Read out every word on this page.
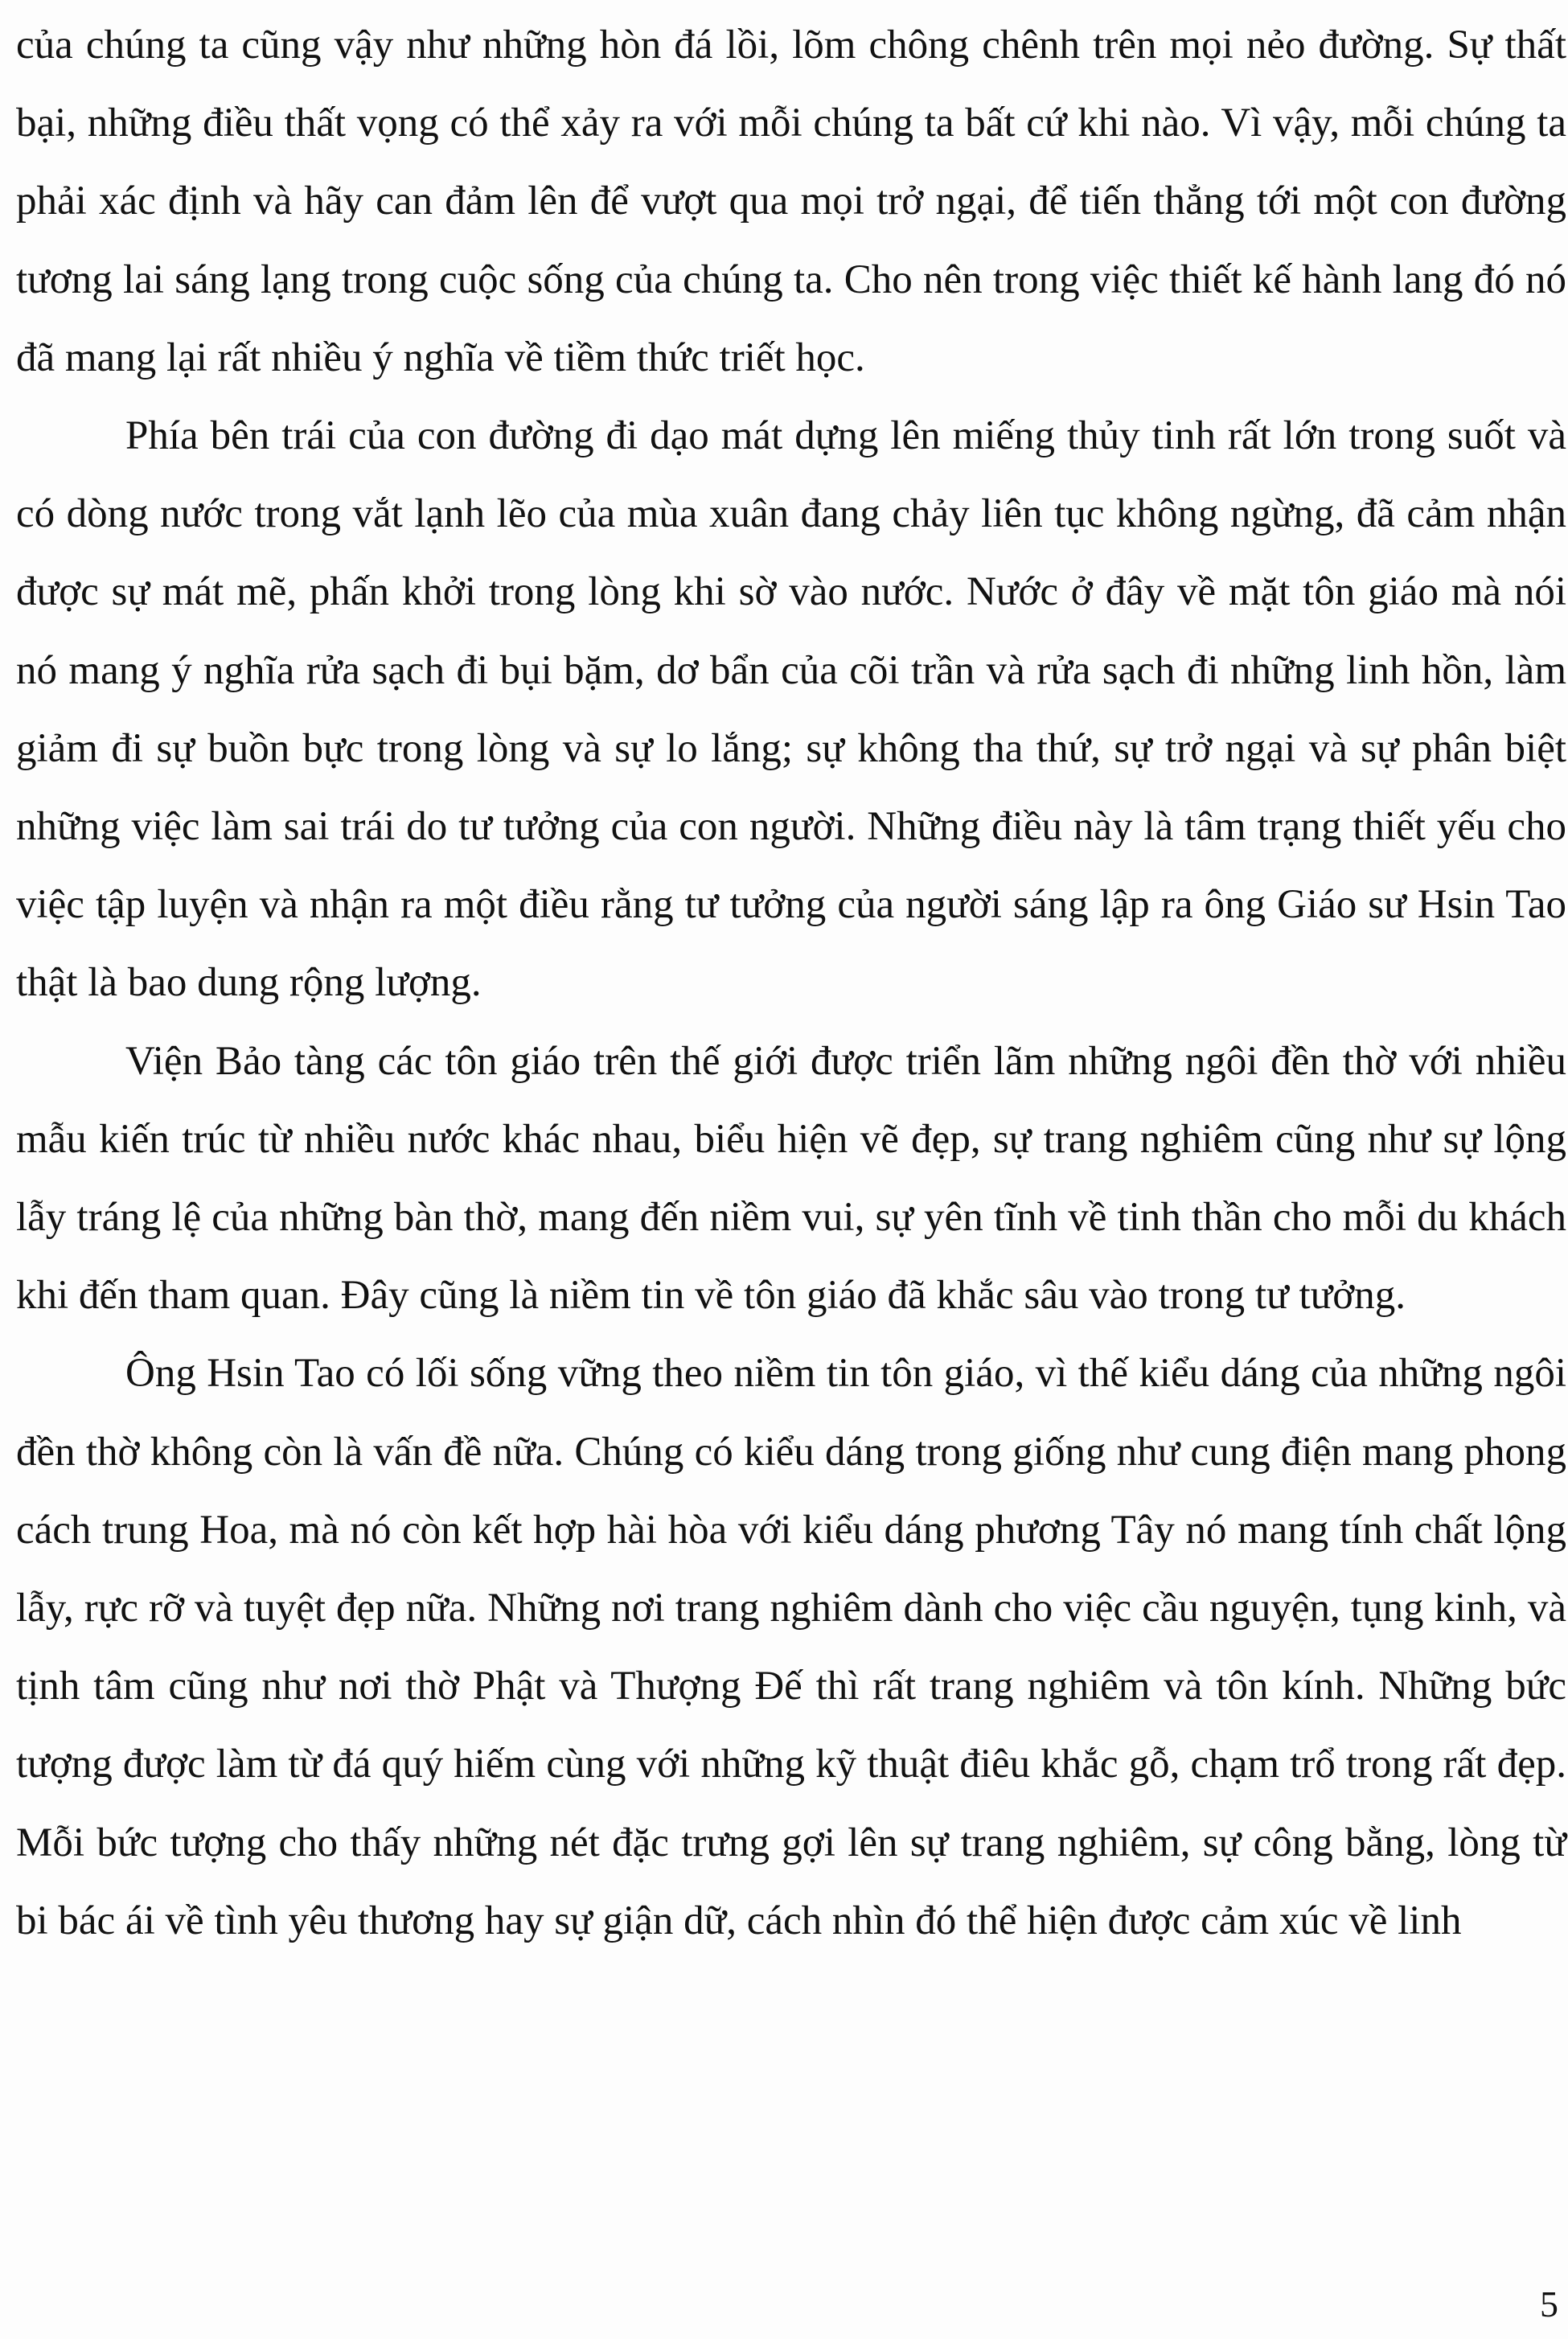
của chúng ta cũng vậy như những hòn đá lồi, lõm chông chênh trên mọi nẻo đường. Sự thất bại, những điều thất vọng có thể xảy ra với mỗi chúng ta bất cứ khi nào. Vì vậy, mỗi chúng ta phải xác định và hãy can đảm lên để vượt qua mọi trở ngại, để tiến thẳng tới một con đường tương lai sáng lạng trong cuộc sống của chúng ta. Cho nên trong việc thiết kế hành lang đó nó đã mang lại rất nhiều ý nghĩa về tiềm thức triết học.

Phía bên trái của con đường đi dạo mát dựng lên miếng thủy tinh rất lớn trong suốt và có dòng nước trong vắt lạnh lẽo của mùa xuân đang chảy liên tục không ngừng, đã cảm nhận được sự mát mẽ, phấn khởi trong lòng khi sờ vào nước. Nước ở đây về mặt tôn giáo mà nói nó mang ý nghĩa rửa sạch đi bụi bặm, dơ bẩn của cõi trần và rửa sạch đi những linh hồn, làm giảm đi sự buồn bực trong lòng và sự lo lắng; sự không tha thứ, sự trở ngại và sự phân biệt những việc làm sai trái do tư tưởng của con người. Những điều này là tâm trạng thiết yếu cho việc tập luyện và nhận ra một điều rằng tư tưởng của người sáng lập ra ông Giáo sư Hsin Tao thật là bao dung rộng lượng.

Viện Bảo tàng các tôn giáo trên thế giới được triển lãm những ngôi đền thờ với nhiều mẫu kiến trúc từ nhiều nước khác nhau, biểu hiện vẽ đẹp, sự trang nghiêm cũng như sự lộng lẫy tráng lệ của những bàn thờ, mang đến niềm vui, sự yên tĩnh về tinh thần cho mỗi du khách khi đến tham quan. Đây cũng là niềm tin về tôn giáo đã khắc sâu vào trong tư tưởng.

Ông Hsin Tao có lối sống vững theo niềm tin tôn giáo, vì thế kiểu dáng của những ngôi đền thờ không còn là vấn đề nữa. Chúng có kiểu dáng trong giống như cung điện mang phong cách trung Hoa, mà nó còn kết hợp hài hòa với kiểu dáng phương Tây nó mang tính chất lộng lẫy, rực rỡ và tuyệt đẹp nữa. Những nơi trang nghiêm dành cho việc cầu nguyện, tụng kinh, và tịnh tâm cũng như nơi thờ Phật và Thượng Đế thì rất trang nghiêm và tôn kính. Những bức tượng được làm từ đá quý hiếm cùng với những kỹ thuật điêu khắc gỗ, chạm trổ trong rất đẹp. Mỗi bức tượng cho thấy những nét đặc trưng gợi lên sự trang nghiêm, sự công bằng, lòng từ bi bác ái về tình yêu thương hay sự giận dữ, cách nhìn đó thể hiện được cảm xúc về linh

5
